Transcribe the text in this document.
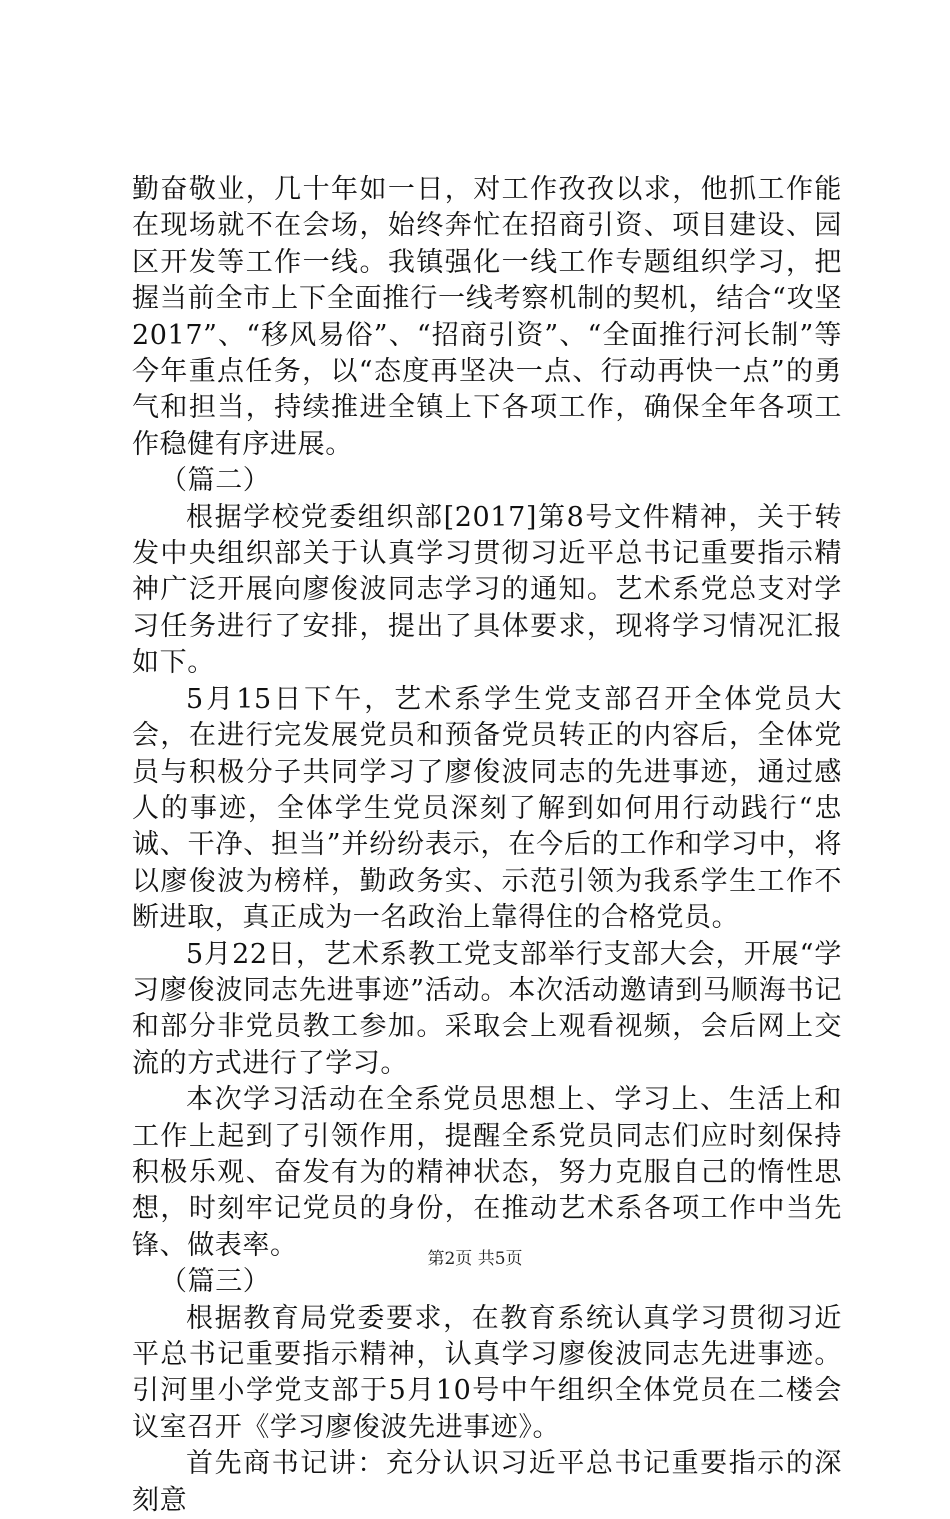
勤奋敬业，几十年如一日，对工作孜孜以求，他抓工作能在现场就不在会场，始终奔忙在招商引资、项目建设、园区开发等工作一线。我镇强化一线工作专题组织学习，把握当前全市上下全面推行一线考察机制的契机，结合“攻坚2017”、“移风易俗”、“招商引资”、“全面推行河长制”等今年重点任务，以“态度再坚决一点、行动再快一点”的勇气和担当，持续推进全镇上下各项工作，确保全年各项工作稳健有序进展。

（篇二）

根据学校党委组织部[2017]第8号文件精神，关于转发中央组织部关于认真学习贯彻习近平总书记重要指示精神广泛开展向廖俊波同志学习的通知。艺术系党总支对学习任务进行了安排，提出了具体要求，现将学习情况汇报如下。

5月15日下午，艺术系学生党支部召开全体党员大会，在进行完发展党员和预备党员转正的内容后，全体党员与积极分子共同学习了廖俊波同志的先进事迹，通过感人的事迹，全体学生党员深刻了解到如何用行动践行“忠诚、干净、担当”并纷纷表示，在今后的工作和学习中，将以廖俊波为榜样，勤政务实、示范引领为我系学生工作不断进取，真正成为一名政治上靠得住的合格党员。

5月22日，艺术系教工党支部举行支部大会，开展“学习廖俊波同志先进事迹”活动。本次活动邀请到马顺海书记和部分非党员教工参加。采取会上观看视频，会后网上交流的方式进行了学习。

本次学习活动在全系党员思想上、学习上、生活上和工作上起到了引领作用，提醒全系党员同志们应时刻保持积极乐观、奋发有为的精神状态，努力克服自己的惰性思想，时刻牢记党员的身份，在推动艺术系各项工作中当先锋、做表率。

（篇三）

根据教育局党委要求，在教育系统认真学习贯彻习近平总书记重要指示精神，认真学习廖俊波同志先进事迹。引河里小学党支部于5月10号中午组织全体党员在二楼会议室召开《学习廖俊波先进事迹》。

首先商书记讲：充分认识习近平总书记重要指示的深刻意

第2页 共5页
